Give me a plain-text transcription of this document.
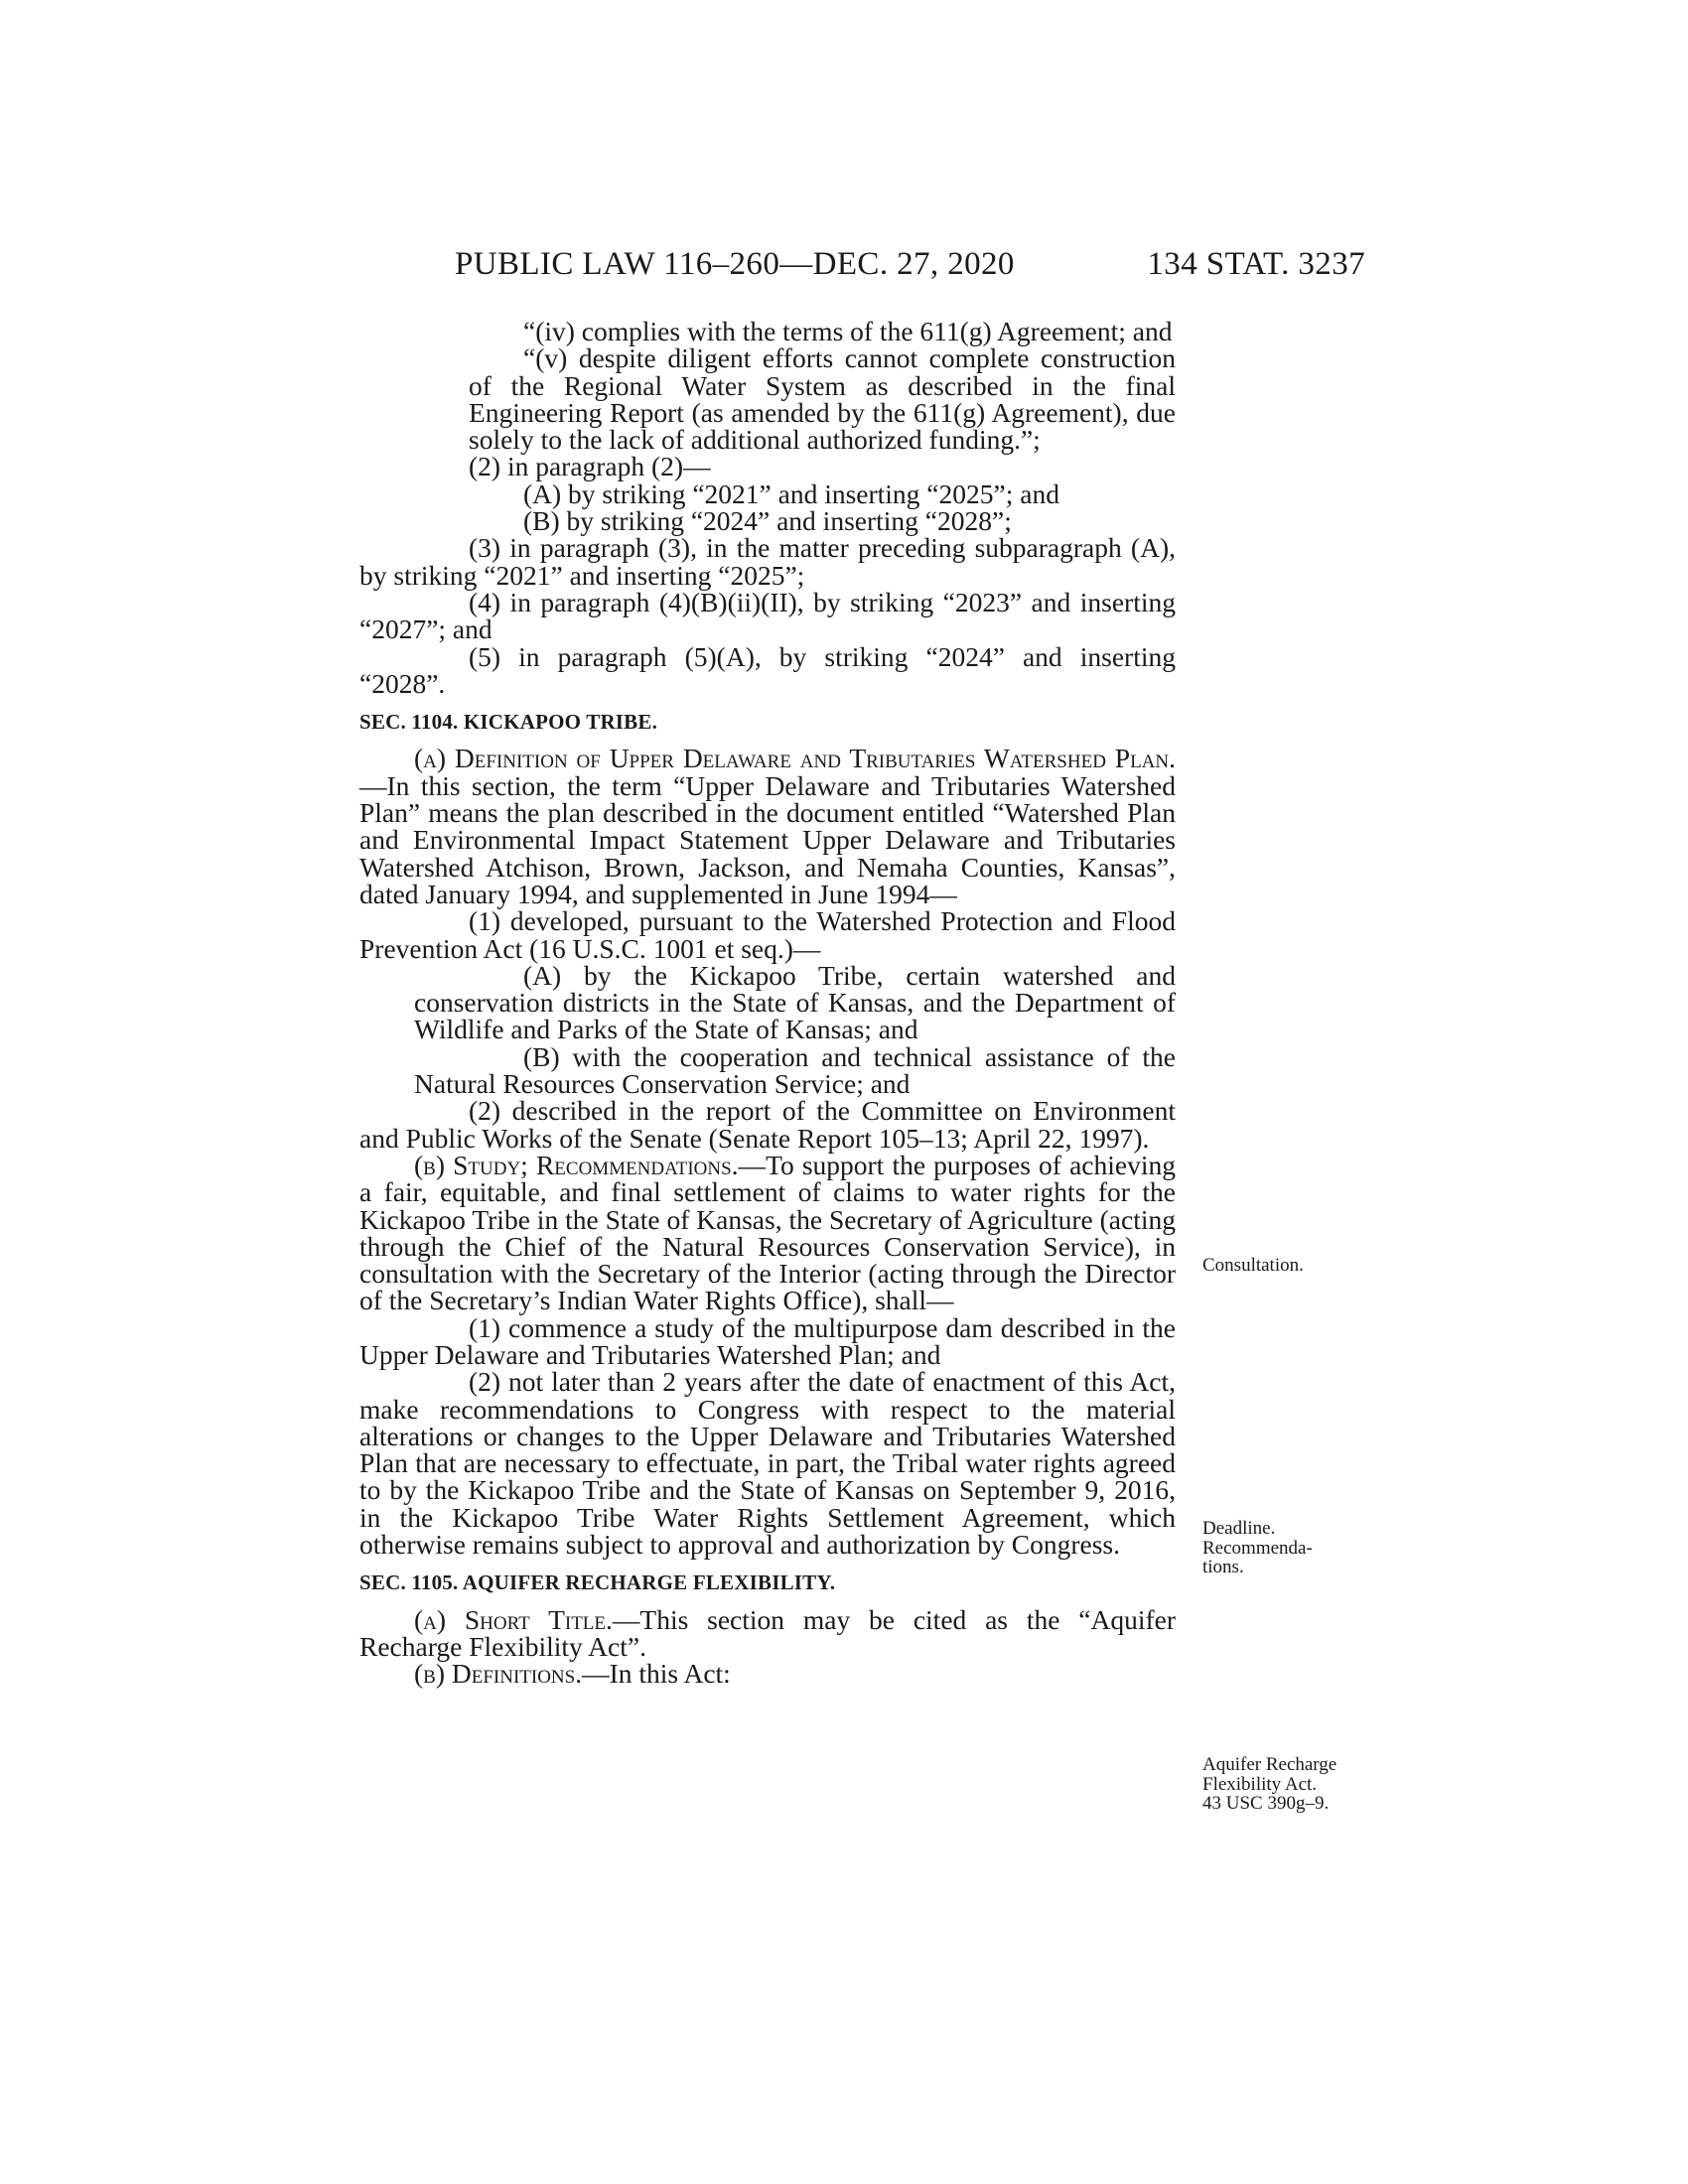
PUBLIC LAW 116–260—DEC. 27, 2020	134 STAT. 3237

“(iv) complies with the terms of the 611(g) Agreement; and

“(v) despite diligent efforts cannot complete construction of the Regional Water System as described in the final Engineering Report (as amended by the 611(g) Agreement), due solely to the lack of additional authorized funding.”;

(2) in paragraph (2)—

(A) by striking “2021” and inserting “2025”; and

(B) by striking “2024” and inserting “2028”;

(3) in paragraph (3), in the matter preceding subparagraph (A), by striking “2021” and inserting “2025”;

(4) in paragraph (4)(B)(ii)(II), by striking “2023” and inserting “2027”; and

(5) in paragraph (5)(A), by striking “2024” and inserting “2028”.

SEC. 1104. KICKAPOO TRIBE.

(a) Definition of Upper Delaware and Tributaries Watershed Plan.—In this section, the term “Upper Delaware and Tributaries Watershed Plan” means the plan described in the document entitled “Watershed Plan and Environmental Impact Statement Upper Delaware and Tributaries Watershed Atchison, Brown, Jackson, and Nemaha Counties, Kansas”, dated January 1994, and supplemented in June 1994—

(1) developed, pursuant to the Watershed Protection and Flood Prevention Act (16 U.S.C. 1001 et seq.)—

(A) by the Kickapoo Tribe, certain watershed and conservation districts in the State of Kansas, and the Department of Wildlife and Parks of the State of Kansas; and

(B) with the cooperation and technical assistance of the Natural Resources Conservation Service; and

(2) described in the report of the Committee on Environment and Public Works of the Senate (Senate Report 105–13; April 22, 1997).

(b) Study; Recommendations.—To support the purposes of achieving a fair, equitable, and final settlement of claims to water rights for the Kickapoo Tribe in the State of Kansas, the Secretary of Agriculture (acting through the Chief of the Natural Resources Conservation Service), in consultation with the Secretary of the Interior (acting through the Director of the Secretary’s Indian Water Rights Office), shall—

(1) commence a study of the multipurpose dam described in the Upper Delaware and Tributaries Watershed Plan; and

(2) not later than 2 years after the date of enactment of this Act, make recommendations to Congress with respect to the material alterations or changes to the Upper Delaware and Tributaries Watershed Plan that are necessary to effectuate, in part, the Tribal water rights agreed to by the Kickapoo Tribe and the State of Kansas on September 9, 2016, in the Kickapoo Tribe Water Rights Settlement Agreement, which otherwise remains subject to approval and authorization by Congress.

SEC. 1105. AQUIFER RECHARGE FLEXIBILITY.

(a) Short Title.—This section may be cited as the “Aquifer Recharge Flexibility Act”.

(b) Definitions.—In this Act:

Consultation.
Deadline.
Recommenda-
tions.
Aquifer Recharge
Flexibility Act.
43 USC 390g–9.
